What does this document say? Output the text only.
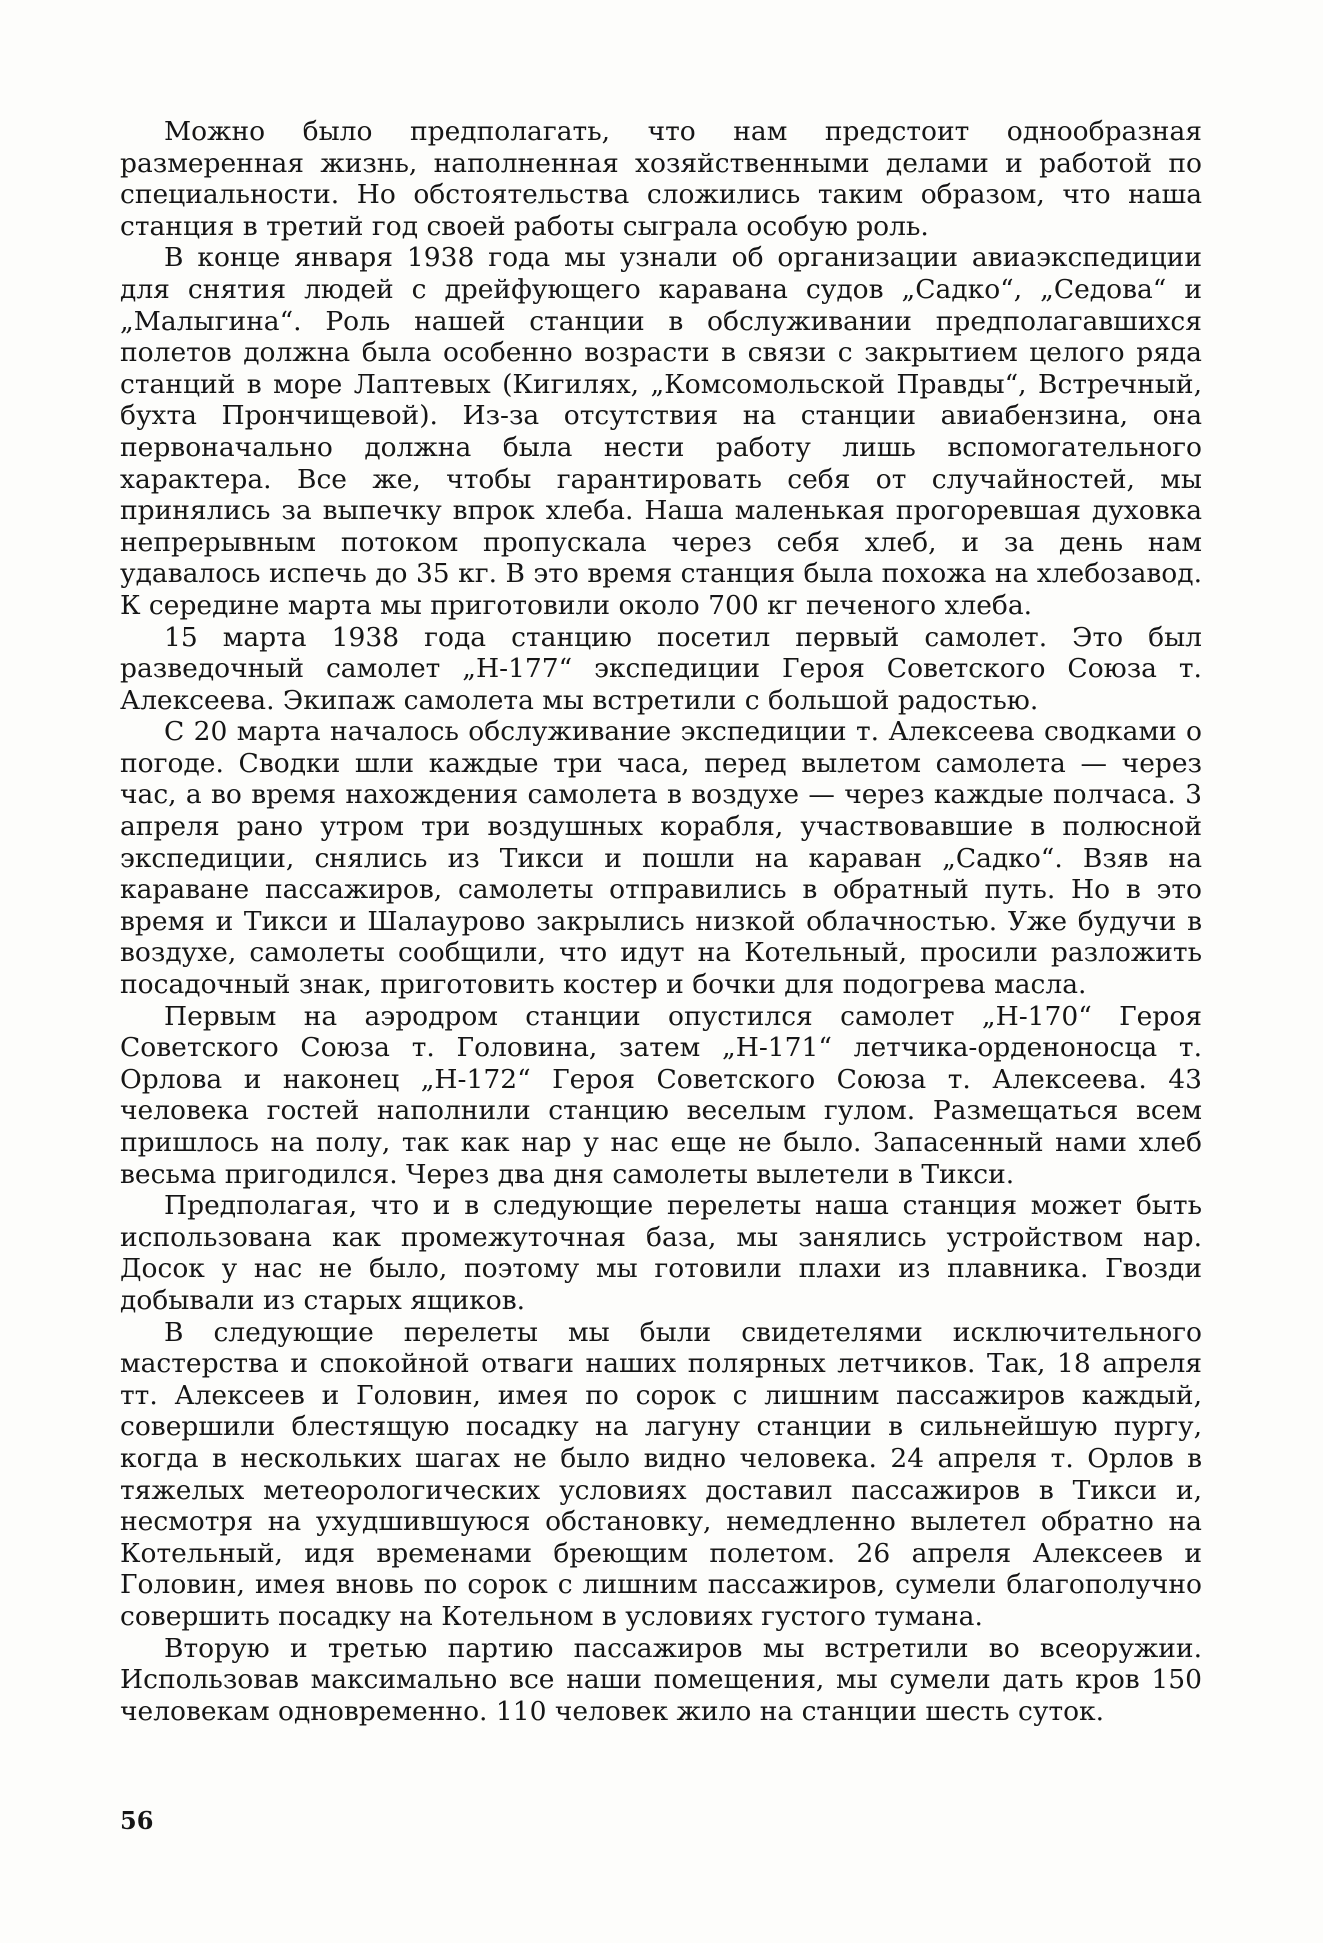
Можно было предполагать, что нам предстоит однообразная размеренная жизнь, наполненная хозяйственными делами и работой по специальности. Но обстоятельства сложились таким образом, что наша станция в третий год своей работы сыграла особую роль.

В конце января 1938 года мы узнали об организации авиаэкспедиции для снятия людей с дрейфующего каравана судов „Садко“, „Седова“ и „Малыгина“. Роль нашей станции в обслуживании предполагавшихся полетов должна была особенно возрасти в связи с закрытием целого ряда станций в море Лаптевых (Кигилях, „Комсомольской Правды“, Встречный, бухта Прончищевой). Из-за отсутствия на станции авиабензина, она первоначально должна была нести работу лишь вспомогательного характера. Все же, чтобы гарантировать себя от случайностей, мы принялись за выпечку впрок хлеба. Наша маленькая прогоревшая духовка непрерывным потоком пропускала через себя хлеб, и за день нам удавалось испечь до 35 кг. В это время станция была похожа на хлебозавод. К середине марта мы приготовили около 700 кг печеного хлеба.

15 марта 1938 года станцию посетил первый самолет. Это был разведочный самолет „Н-177“ экспедиции Героя Советского Союза т. Алексеева. Экипаж самолета мы встретили с большой радостью.

С 20 марта началось обслуживание экспедиции т. Алексеева сводками о погоде. Сводки шли каждые три часа, перед вылетом самолета — через час, а во время нахождения самолета в воздухе — через каждые полчаса. 3 апреля рано утром три воздушных корабля, участвовавшие в полюсной экспедиции, снялись из Тикси и пошли на караван „Садко“. Взяв на караване пассажиров, самолеты отправились в обратный путь. Но в это время и Тикси и Шалаурово закрылись низкой облачностью. Уже будучи в воздухе, самолеты сообщили, что идут на Котельный, просили разложить посадочный знак, приготовить костер и бочки для подогрева масла.

Первым на аэродром станции опустился самолет „Н-170“ Героя Советского Союза т. Головина, затем „Н-171“ летчика-орденоносца т. Орлова и наконец „Н-172“ Героя Советского Союза т. Алексеева. 43 человека гостей наполнили станцию веселым гулом. Размещаться всем пришлось на полу, так как нар у нас еще не было. Запасенный нами хлеб весьма пригодился. Через два дня самолеты вылетели в Тикси.

Предполагая, что и в следующие перелеты наша станция может быть использована как промежуточная база, мы занялись устройством нар. Досок у нас не было, поэтому мы готовили плахи из плавника. Гвозди добывали из старых ящиков.

В следующие перелеты мы были свидетелями исключительного мастерства и спокойной отваги наших полярных летчиков. Так, 18 апреля тт. Алексеев и Головин, имея по сорок с лишним пассажиров каждый, совершили блестящую посадку на лагуну станции в сильнейшую пургу, когда в нескольких шагах не было видно человека. 24 апреля т. Орлов в тяжелых метеорологических условиях доставил пассажиров в Тикси и, несмотря на ухудшившуюся обстановку, немедленно вылетел обратно на Котельный, идя временами бреющим полетом. 26 апреля Алексеев и Головин, имея вновь по сорок с лишним пассажиров, сумели благополучно совершить посадку на Котельном в условиях густого тумана.

Вторую и третью партию пассажиров мы встретили во всеоружии. Использовав максимально все наши помещения, мы сумели дать кров 150 человекам одновременно. 110 человек жило на станции шесть суток.

56
